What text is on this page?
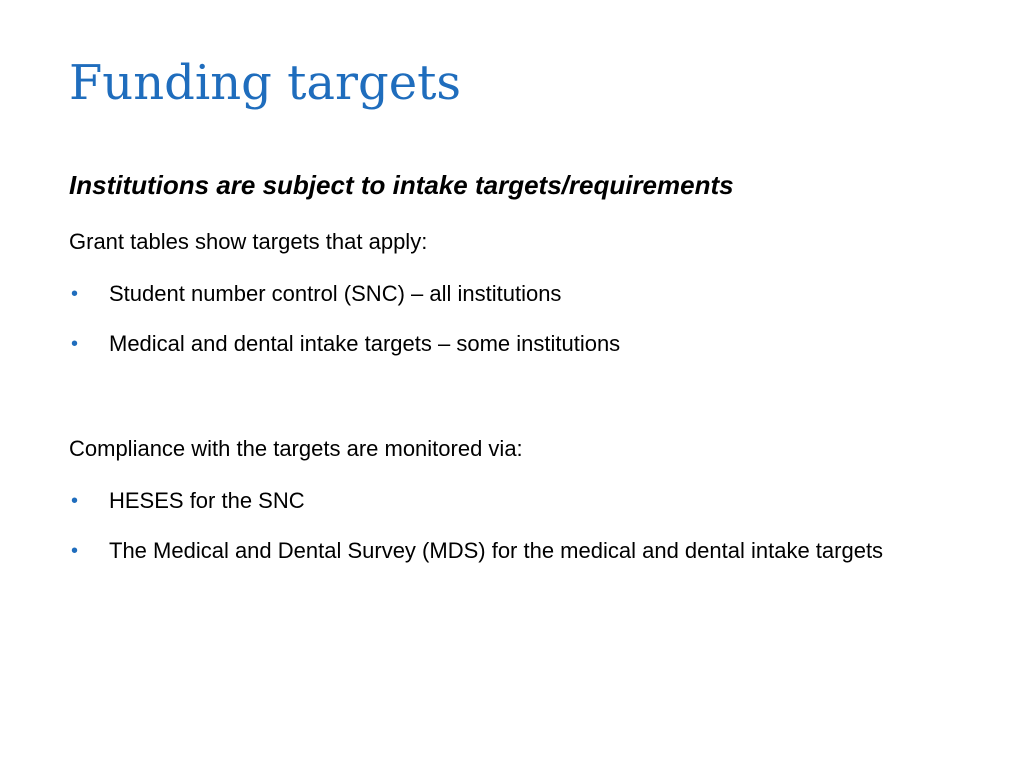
Funding targets

Institutions are subject to intake targets/requirements

Grant tables show targets that apply:

• Student number control (SNC) – all institutions
• Medical and dental intake targets – some institutions

Compliance with the targets are monitored via:

• HESES for the SNC
• The Medical and Dental Survey (MDS) for the medical and dental intake targets
